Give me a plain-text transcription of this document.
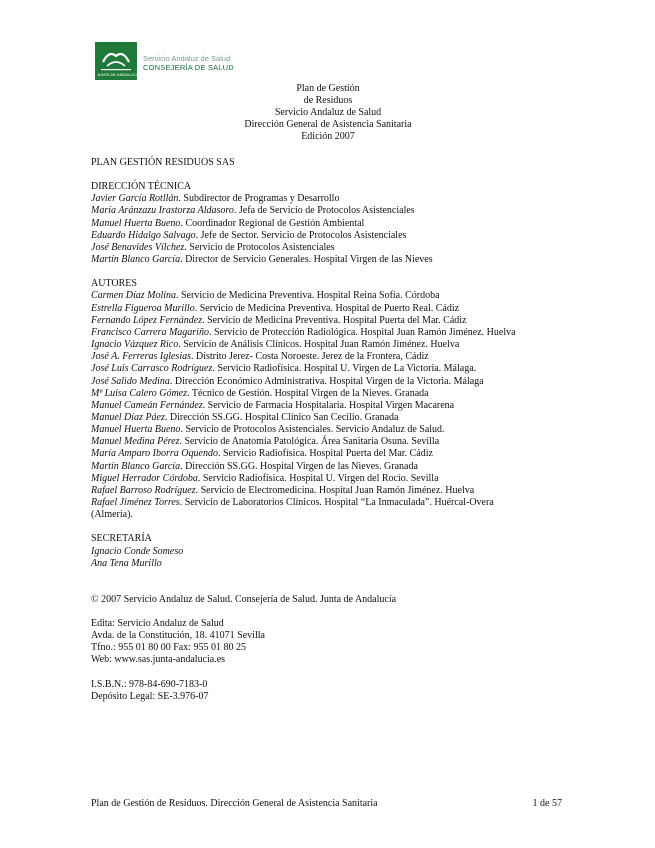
JUNTA DE ANDALUCIA
Servicio Andaluz de Salud
CONSEJERÍA DE SALUD
Plan de Gestión
de Residuos
Servicio Andaluz de Salud
Dirección General de Asistencia Sanitaria
Edición 2007
PLAN GESTIÓN RESIDUOS SAS
DIRECCIÓN TÉCNICA
Javier García Rotllán. Subdirector de Programas y Desarrollo
María Aránzazu Irastorza Aldasoro. Jefa de Servicio de Protocolos Asistenciales
Manuel Huerta Bueno. Coordinador Regional de Gestión Ambiental
Eduardo Hidalgo Salvago. Jefe de Sector. Servicio de Protocolos Asistenciales
José Benavides Vílchez. Servicio de Protocolos Asistenciales
Martín Blanco García. Director de Servicio Generales. Hospital Virgen de las Nieves
AUTORES
Carmen Díaz Molina. Servicio de Medicina Preventiva. Hospital Reina Sofía. Córdoba
Estrella Figueroa Murillo. Servicio de Medicina Preventiva. Hospital de Puerto Real. Cádiz
Fernando López Fernández. Servicio de Medicina Preventiva. Hospital Puerta del Mar. Cádiz
Francisco Carrera Magariño. Servicio de Protección Radiológica. Hospital Juan Ramón Jiménez. Huelva
Ignacio Vázquez Rico. Servicio de Análisis Clínicos. Hospital Juan Ramón Jiménez. Huelva
José A. Ferreras Iglesias. Distrito Jerez- Costa Noroeste. Jerez de la Frontera, Cádiz
José Luis Carrasco Rodríguez. Servicio Radiofísica. Hospital U. Virgen de La Victoria. Málaga.
José Salido Medina. Dirección Económico Administrativa. Hospital Virgen de la Victoria. Málaga
Mª Luisa Calero Gómez. Técnico de Gestión. Hospital Virgen de la Nieves. Granada
Manuel Cameán Fernández. Servicio de Farmacia Hospitalaria. Hospital Virgen Macarena
Manuel Díaz Páez. Dirección SS.GG. Hospital Clínico San Cecilio. Granada
Manuel Huerta Bueno. Servicio de Protocolos Asistenciales. Servicio Andaluz de Salud.
Manuel Medina Pérez. Servicio de Anatomía Patológica. Área Sanitaria Osuna. Sevilla
María Amparo Iborra Oquendo. Servicio Radiofísica. Hospital Puerta del Mar. Cádiz
Martín Blanco García. Dirección SS.GG. Hospital Virgen de las Nieves. Granada
Miguel Herrador Córdoba. Servicio Radiofísica. Hospital U. Virgen del Rocío. Sevilla
Rafael Barroso Rodríguez. Servicio de Electromedicina. Hospital Juan Ramón Jiménez. Huelva
Rafael Jiménez Torres. Servicio de Laboratorios Clínicos. Hospital “La Inmaculada”. Huércal-Overa
(Almería).
SECRETARÍA
Ignacio Conde Someso
Ana Tena Murillo
© 2007 Servicio Andaluz de Salud. Consejería de Salud. Junta de Andalucía
Edita: Servicio Andaluz de Salud
Avda. de la Constitución, 18. 41071 Sevilla
Tfno.: 955 01 80 00 Fax: 955 01 80 25
Web: www.sas.junta-andalucia.es
I.S.B.N.: 978-84-690-7183-0
Depósito Legal: SE-3.976-07
Plan de Gestión de Residuos. Dirección General de Asistencia Sanitaria	1 de 57
